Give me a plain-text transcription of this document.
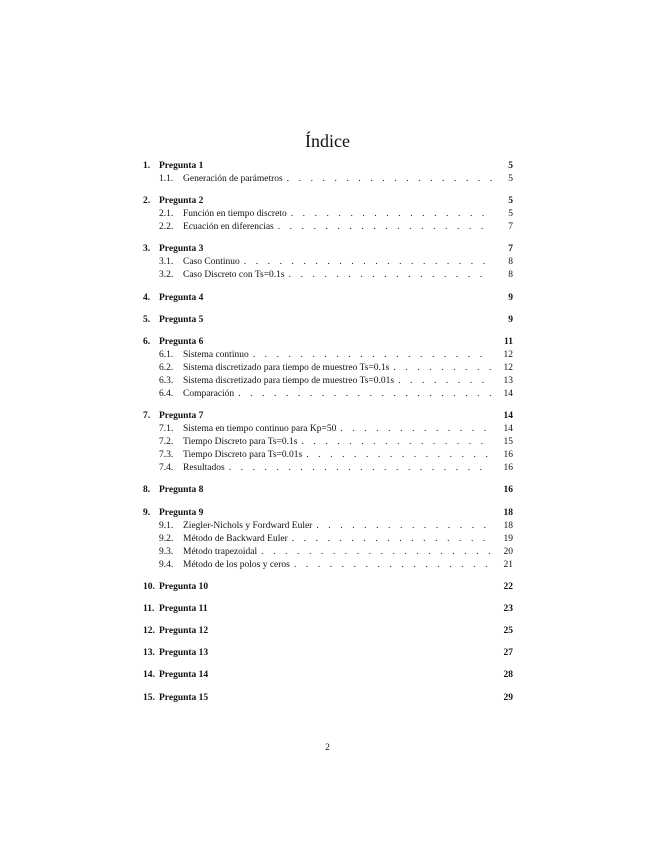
Índice
1. Pregunta 1	5
1.1.	Generación de parámetros . . .	5
2. Pregunta 2	5
2.1.	Función en tiempo discreto . . .	5
2.2.	Ecuación en diferencias . . .	7
3. Pregunta 3	7
3.1.	Caso Continuo . . .	8
3.2.	Caso Discreto con Ts=0.1s . . .	8
4. Pregunta 4	9
5. Pregunta 5	9
6. Pregunta 6	11
6.1.	Sistema continuo . . .	12
6.2.	Sistema discretizado para tiempo de muestreo Ts=0.1s . . .	12
6.3.	Sistema discretizado para tiempo de muestreo Ts=0.01s . . .	13
6.4.	Comparación . . .	14
7. Pregunta 7	14
7.1.	Sistema en tiempo continuo para Kp=50 . . .	14
7.2.	Tiempo Discreto para Ts=0.1s . . .	15
7.3.	Tiempo Discreto para Ts=0.01s . . .	16
7.4.	Resultados . . .	16
8. Pregunta 8	16
9. Pregunta 9	18
9.1.	Ziegler-Nichols y Fordward Euler . . .	18
9.2.	Método de Backward Euler . . .	19
9.3.	Método trapezoidal . . .	20
9.4.	Método de los polos y ceros . . .	21
10. Pregunta 10	22
11. Pregunta 11	23
12. Pregunta 12	25
13. Pregunta 13	27
14. Pregunta 14	28
15. Pregunta 15	29
2
